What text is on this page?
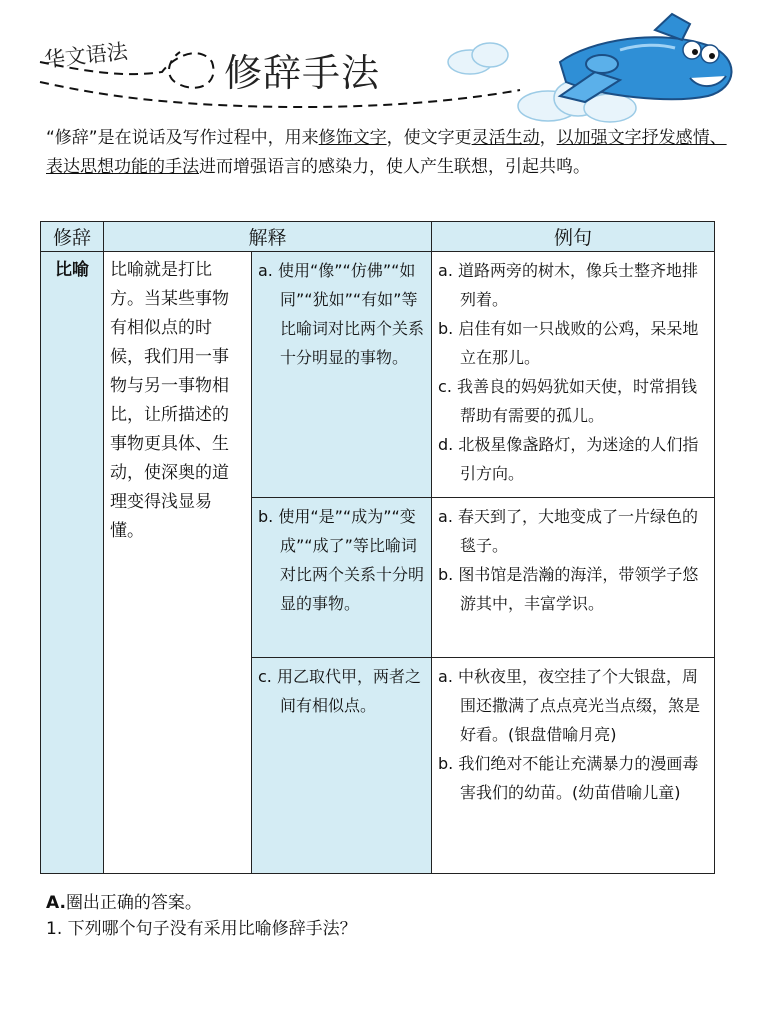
华文语法	修辞手法
“修辞”是在说话及写作过程中，用来修饰文字，使文字更灵活生动，以加强文字抒发感情、表达思想功能的手法进而增强语言的感染力，使人产生联想，引起共鸣。
修辞	解释		例句
比喻	比喻就是打比方。当某些事物有相似点的时候，我们用一事物与另一事物相比，让所描述的事物更具体、生动，使深奥的道理变得浅显易懂。	a. 使用“像”“仿佛”“如同”“犹如”“有如”等比喻词对比两个关系十分明显的事物。	a. 道路两旁的树木，像兵士整齐地排列着。
b. 启佳有如一只战败的公鸡，呆呆地立在那儿。
c. 我善良的妈妈犹如天使，时常捐钱帮助有需要的孤儿。
d. 北极星像盏路灯，为迷途的人们指引方向。

		b. 使用“是”“成为”“变成”“成了”等比喻词对比两个关系十分明显的事物。	a. 春天到了，大地变成了一片绿色的毯子。
b. 图书馆是浩瀚的海洋，带领学子悠游其中，丰富学识。

		c. 用乙取代甲，两者之间有相似点。	a. 中秋夜里，夜空挂了个大银盘，周围还撒满了点点亮光当点缀，煞是好看。(银盘借喻月亮)
b. 我们绝对不能让充满暴力的漫画毒害我们的幼苗。(幼苗借喻儿童)
A.圈出正确的答案。
1. 下列哪个句子没有采用比喻修辞手法？
